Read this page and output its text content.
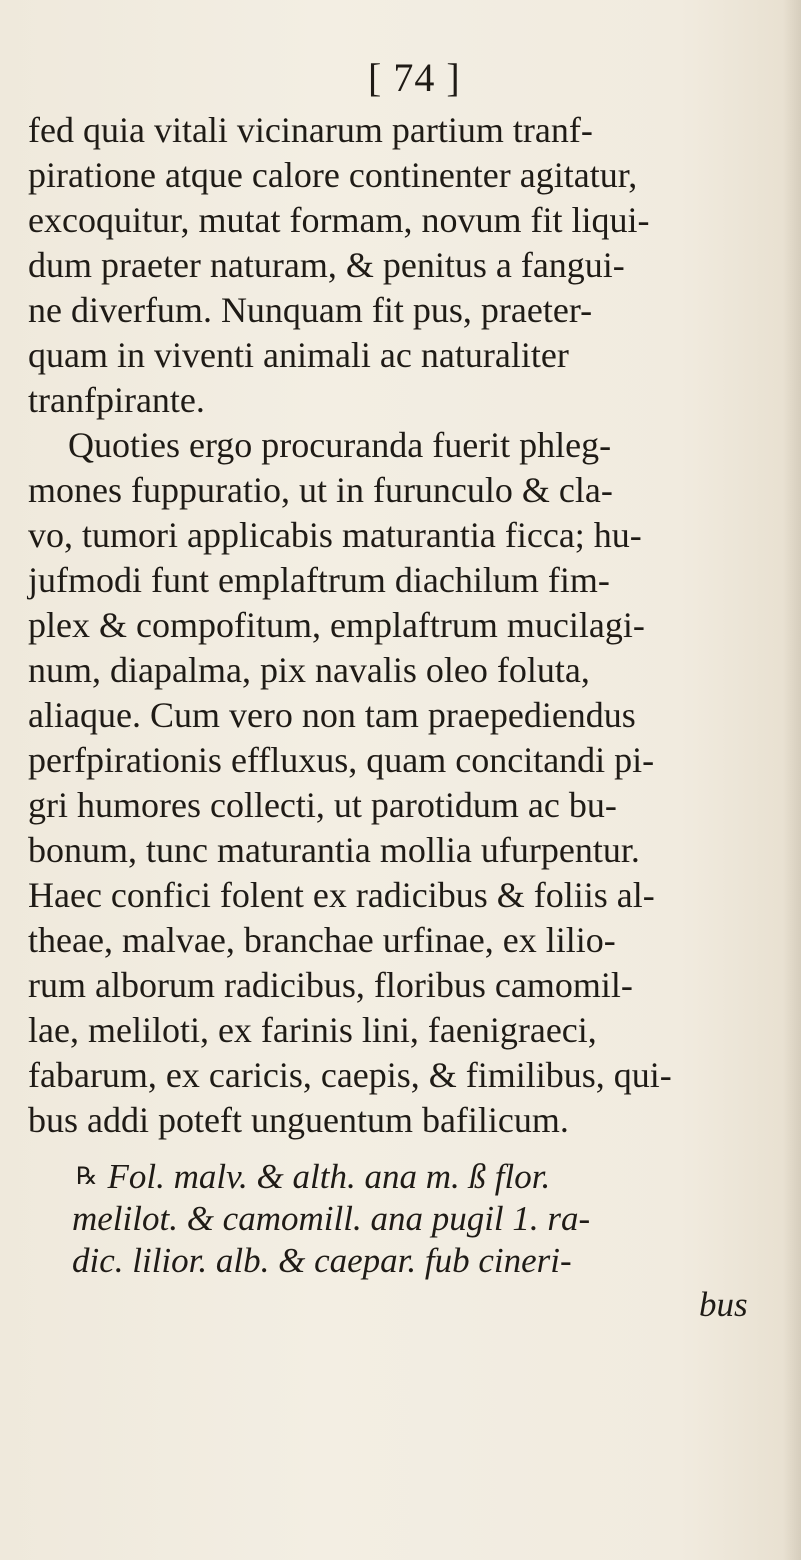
[ 74 ]
fed quia vitali vicinarum partium tranf-
piratione atque calore continenter agitatur,
excoquitur, mutat formam, novum fit liqui-
dum praeter naturam, & penitus a fangui-
ne diverfum. Nunquam fit pus, praeter-
quam in viventi animali ac naturaliter
tranfpirante.
Quoties ergo procuranda fuerit phleg-
mones fuppuratio, ut in furunculo & cla-
vo, tumori applicabis maturantia ficca; hu-
jufmodi funt emplaftrum diachilum fim-
plex & compofitum, emplaftrum mucilagi-
num, diapalma, pix navalis oleo foluta,
aliaque. Cum vero non tam praepediendus
perfpirationis effluxus, quam concitandi pi-
gri humores collecti, ut parotidum ac bu-
bonum, tunc maturantia mollia ufurpentur.
Haec confici folent ex radicibus & foliis al-
theae, malvae, branchae urfinae, ex lilio-
rum alborum radicibus, floribus camomil-
lae, meliloti, ex farinis lini, faenigraeci,
fabarum, ex caricis, caepis, & fimilibus, qui-
bus addi poteft unguentum bafilicum.
℞ Fol. malv. & alth. ana m. ß flor.
melilot. & camomill. ana pugil 1. ra-
dic. lilior. alb. & caepar. fub cineri-
bus
